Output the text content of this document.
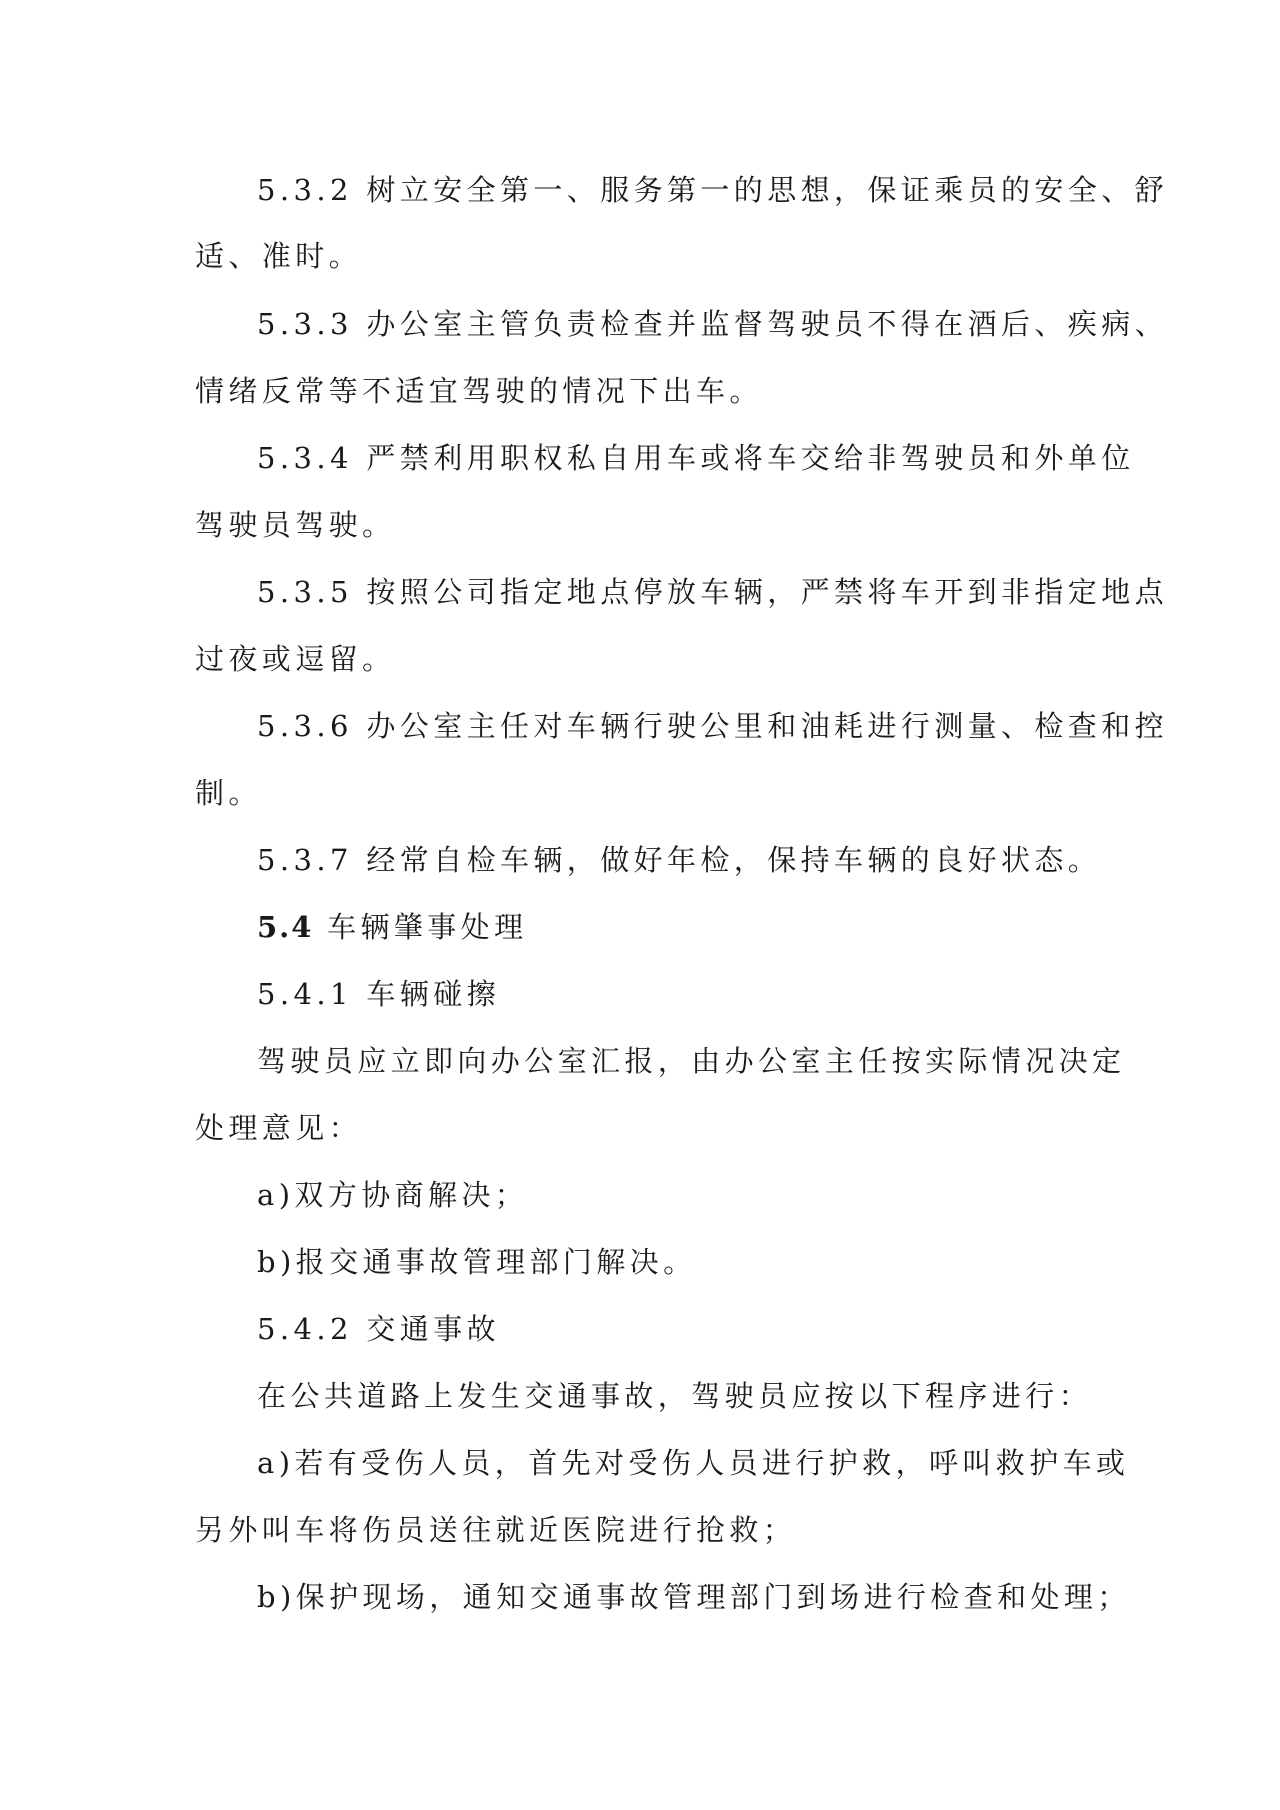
5.3.2 树立安全第一、服务第一的思想，保证乘员的安全、舒
适、准时。
5.3.3 办公室主管负责检查并监督驾驶员不得在酒后、疾病、
情绪反常等不适宜驾驶的情况下出车。
5.3.4 严禁利用职权私自用车或将车交给非驾驶员和外单位
驾驶员驾驶。
5.3.5 按照公司指定地点停放车辆，严禁将车开到非指定地点
过夜或逗留。
5.3.6 办公室主任对车辆行驶公里和油耗进行测量、检查和控
制。
5.3.7 经常自检车辆，做好年检，保持车辆的良好状态。
5.4 车辆肇事处理
5.4.1 车辆碰擦
驾驶员应立即向办公室汇报，由办公室主任按实际情况决定
处理意见：
a)双方协商解决；
b)报交通事故管理部门解决。
5.4.2 交通事故
在公共道路上发生交通事故，驾驶员应按以下程序进行：
a)若有受伤人员，首先对受伤人员进行护救，呼叫救护车或
另外叫车将伤员送往就近医院进行抢救；
b)保护现场，通知交通事故管理部门到场进行检查和处理；
